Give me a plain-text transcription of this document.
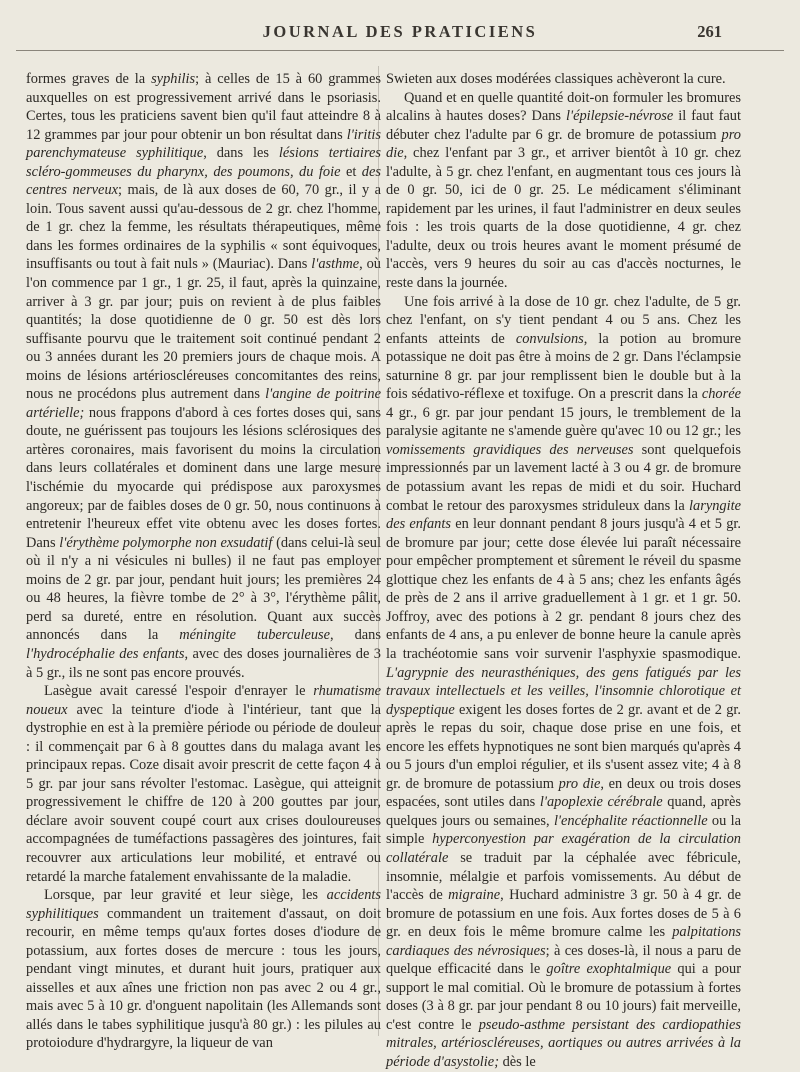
JOURNAL DES PRATICIENS	261

formes graves de la syphilis; à celles de 15 à 60 grammes auxquelles on est progressivement arrivé dans le psoriasis. Certes, tous les praticiens savent bien qu'il faut atteindre 8 à 12 grammes par jour pour obtenir un bon résultat dans l'iritis parenchymateuse syphilitique, dans les lésions tertiaires scléro-gommeuses du pharynx, des poumons, du foie et des centres nerveux; mais, de là aux doses de 60, 70 gr., il y a loin. Tous savent aussi qu'au-dessous de 2 gr. chez l'homme, de 1 gr. chez la femme, les résultats thérapeutiques, même dans les formes ordinaires de la syphilis « sont équivoques, insuffisants ou tout à fait nuls » (Mauriac). Dans l'asthme, où l'on commence par 1 gr., 1 gr. 25, il faut, après la quinzaine, arriver à 3 gr. par jour; puis on revient à de plus faibles quantités; la dose quotidienne de 0 gr. 50 est dès lors suffisante pourvu que le traitement soit continué pendant 2 ou 3 années durant les 20 premiers jours de chaque mois. A moins de lésions artérioscléreuses concomitantes des reins, nous ne procédons plus autrement dans l'angine de poitrine artérielle; nous frappons d'abord à ces fortes doses qui, sans doute, ne guérissent pas toujours les lésions sclérosiques des artères coronaires, mais favorisent du moins la circulation dans leurs collatérales et dominent dans une large mesure l'ischémie du myocarde qui prédispose aux paroxysmes angoreux; par de faibles doses de 0 gr. 50, nous continuons à entretenir l'heureux effet vite obtenu avec les doses fortes. Dans l'érythème polymorphe non exsudatif (dans celui-là seul où il n'y a ni vésicules ni bulles) il ne faut pas employer moins de 2 gr. par jour, pendant huit jours; les premières 24 ou 48 heures, la fièvre tombe de 2° à 3°, l'érythème pâlit, perd sa dureté, entre en résolution. Quant aux succès annoncés dans la méningite tuberculeuse, dans l'hydrocéphalie des enfants, avec des doses journalières de 3 à 5 gr., ils ne sont pas encore prouvés.

Lasègue avait caressé l'espoir d'enrayer le rhumatisme noueux avec la teinture d'iode à l'intérieur, tant que la dystrophie en est à la première période ou période de douleur : il commençait par 6 à 8 gouttes dans du malaga avant les principaux repas. Coze disait avoir prescrit de cette façon 4 à 5 gr. par jour sans révolter l'estomac. Lasègue, qui atteignit progressivement le chiffre de 120 à 200 gouttes par jour, déclare avoir souvent coupé court aux crises douloureuses accompagnées de tuméfactions passagères des jointures, fait recouvrer aux articulations leur mobilité, et entravé ou retardé la marche fatalement envahissante de la maladie.

Lorsque, par leur gravité et leur siège, les accidents syphilitiques commandent un traitement d'assaut, on doit recourir, en même temps qu'aux fortes doses d'iodure de potassium, aux fortes doses de mercure : tous les jours, pendant vingt minutes, et durant huit jours, pratiquer aux aisselles et aux aînes une friction non pas avec 2 ou 4 gr., mais avec 5 à 10 gr. d'onguent napolitain (les Allemands sont allés dans le tabes syphilitique jusqu'à 80 gr.) : les pilules au protoiodure d'hydrargyre, la liqueur de van

Swieten aux doses modérées classiques achèveront la cure.

Quand et en quelle quantité doit-on formuler les bromures alcalins à hautes doses? Dans l'épilepsie-névrose il faut faut débuter chez l'adulte par 6 gr. de bromure de potassium pro die, chez l'enfant par 3 gr., et arriver bientôt à 10 gr. chez l'adulte, à 5 gr. chez l'enfant, en augmentant tous ces jours là de 0 gr. 50, ici de 0 gr. 25. Le médicament s'éliminant rapidement par les urines, il faut l'administrer en deux seules fois : les trois quarts de la dose quotidienne, 4 gr. chez l'adulte, deux ou trois heures avant le moment présumé de l'accès, vers 9 heures du soir au cas d'accès nocturnes, le reste dans la journée.

Une fois arrivé à la dose de 10 gr. chez l'adulte, de 5 gr. chez l'enfant, on s'y tient pendant 4 ou 5 ans. Chez les enfants atteints de convulsions, la potion au bromure potassique ne doit pas être à moins de 2 gr. Dans l'éclampsie saturnine 8 gr. par jour remplissent bien le double but à la fois sédativo-réflexe et toxifuge. On a prescrit dans la chorée 4 gr., 6 gr. par jour pendant 15 jours, le tremblement de la paralysie agitante ne s'amende guère qu'avec 10 ou 12 gr.; les vomissements gravidiques des nerveuses sont quelquefois impressionnés par un lavement lacté à 3 ou 4 gr. de bromure de potassium avant les repas de midi et du soir. Huchard combat le retour des paroxysmes striduleux dans la laryngite des enfants en leur donnant pendant 8 jours jusqu'à 4 et 5 gr. de bromure par jour; cette dose élevée lui paraît nécessaire pour empêcher promptement et sûrement le réveil du spasme glottique chez les enfants de 4 à 5 ans; chez les enfants âgés de près de 2 ans il arrive graduellement à 1 gr. et 1 gr. 50. Joffroy, avec des potions à 2 gr. pendant 8 jours chez des enfants de 4 ans, a pu enlever de bonne heure la canule après la trachéotomie sans voir survenir l'asphyxie spasmodique. L'agrypnie des neurasthéniques, des gens fatigués par les travaux intellectuels et les veilles, l'insomnie chlorotique et dyspeptique exigent les doses fortes de 2 gr. avant et de 2 gr. après le repas du soir, chaque dose prise en une fois, et encore les effets hypnotiques ne sont bien marqués qu'après 4 ou 5 jours d'un emploi régulier, et ils s'usent assez vite; 4 à 8 gr. de bromure de potassium pro die, en deux ou trois doses espacées, sont utiles dans l'apoplexie cérébrale quand, après quelques jours ou semaines, l'encéphalite réactionnelle ou la simple hyperconyestion par exagération de la circulation collatérale se traduit par la céphalée avec fébricule, insomnie, mélalgie et parfois vomissements. Au début de l'accès de migraine, Huchard administre 3 gr. 50 à 4 gr. de bromure de potassium en une fois. Aux fortes doses de 5 à 6 gr. en deux fois le même bromure calme les palpitations cardiaques des névrosiques; à ces doses-là, il nous a paru de quelque efficacité dans le goître exophtalmique qui a pour support le mal comitial. Où le bromure de potassium à fortes doses (3 à 8 gr. par jour pendant 8 ou 10 jours) fait merveille, c'est contre le pseudo-asthme persistant des cardiopathies mitrales, artérioscléreuses, aortiques ou autres arrivées à la période d'asystolie; dès le
